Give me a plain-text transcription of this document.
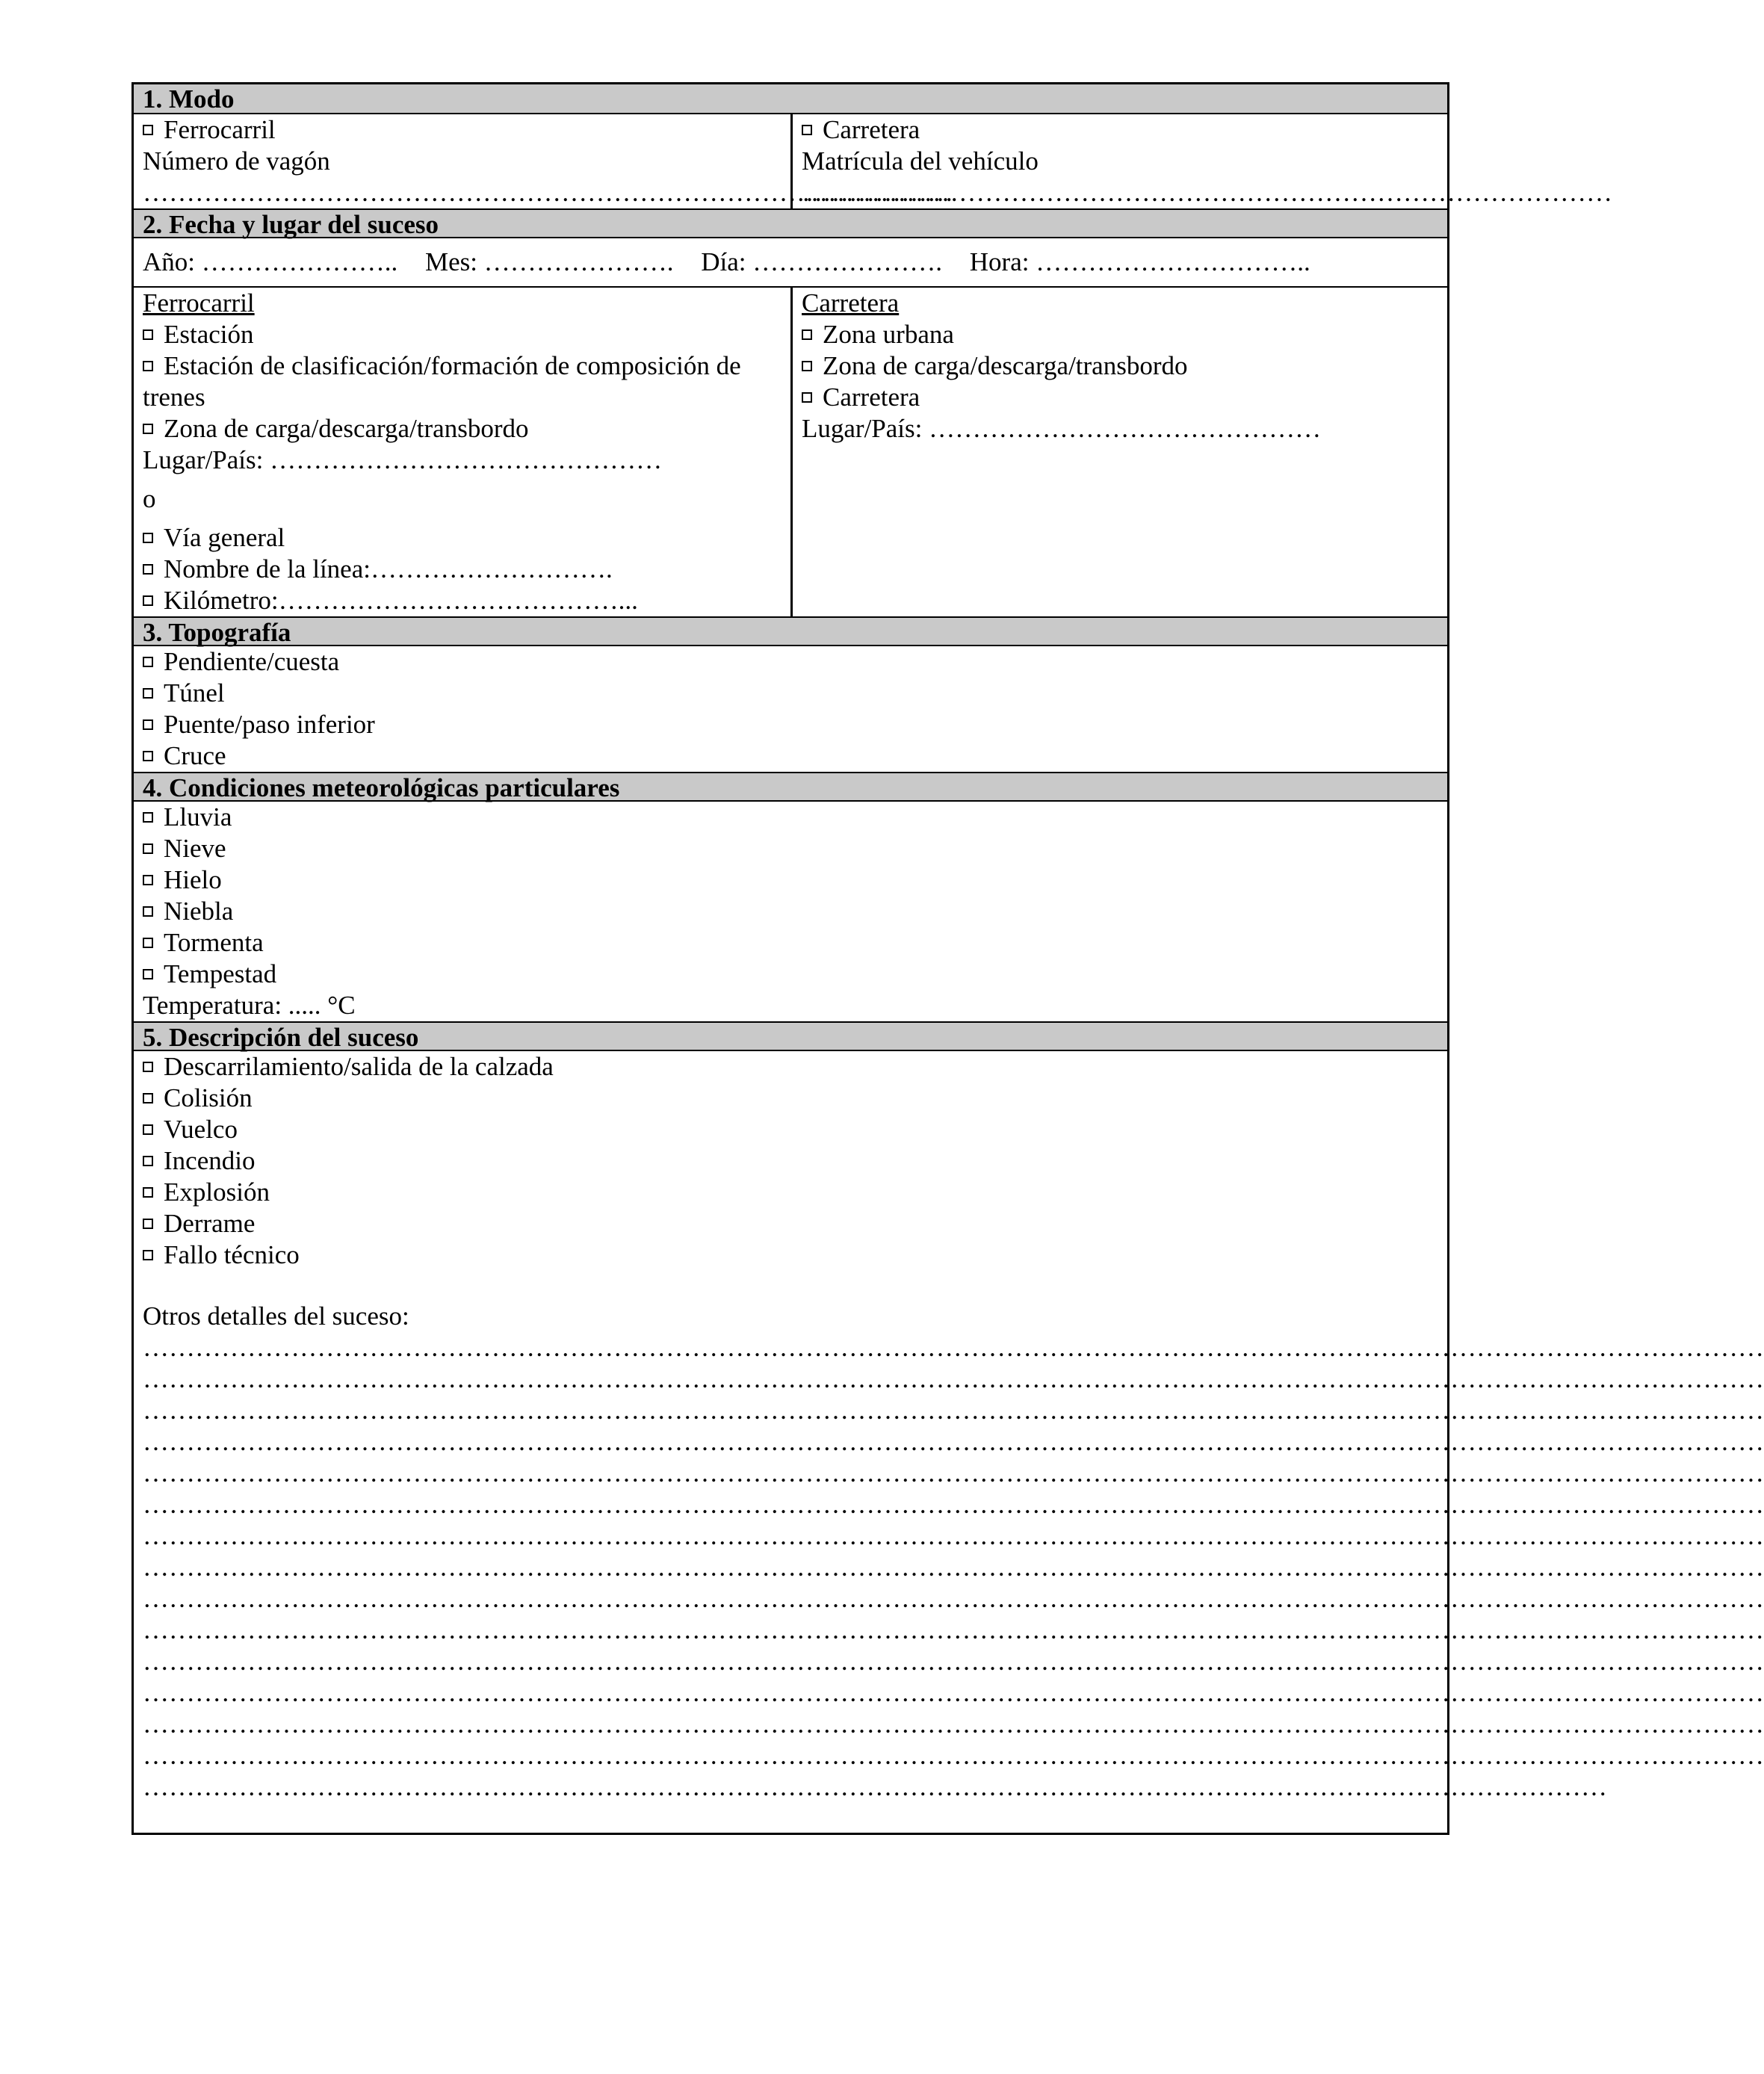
1. Modo
Ferrocarril
Número de vagón
…………………………………………………………………………………
Carretera
Matrícula del vehículo
…………………………………………………………………………………
2. Fecha y lugar del suceso
Año: ………………….. Mes: …………………. Día: …………………. Hora: …………………………..
Ferrocarril
Estación
Estación de clasificación/formación de composición de trenes
Zona de carga/descarga/transbordo
Lugar/País: ………………………………………
o
Vía general
Nombre de la línea:……………………….
Kilómetro:…………………………………...
Carretera
Zona urbana
Zona de carga/descarga/transbordo
Carretera
Lugar/País: ………………………………………
3. Topografía
Pendiente/cuesta
Túnel
Puente/paso inferior
Cruce
4. Condiciones meteorológicas particulares
Lluvia
Nieve
Hielo
Niebla
Tormenta
Tempestad
Temperatura: ..... °C
5. Descripción del suceso
Descarrilamiento/salida de la calzada
Colisión
Vuelco
Incendio
Explosión
Derrame
Fallo técnico
Otros detalles del suceso:
……………………………………………………………………………………………………………………………………………………………………
……………………………………………………………………………………………………………………………………………………………………
……………………………………………………………………………………………………………………………………………………………………
……………………………………………………………………………………………………………………………………………………………………
……………………………………………………………………………………………………………………………………………………………………
……………………………………………………………………………………………………………………………………………………………………
……………………………………………………………………………………………………………………………………………………………………
……………………………………………………………………………………………………………………………………………………………………
……………………………………………………………………………………………………………………………………………………………………
……………………………………………………………………………………………………………………………………………………………………
……………………………………………………………………………………………………………………………………………………………………
……………………………………………………………………………………………………………………………………………………………………
……………………………………………………………………………………………………………………………………………………………………
……………………………………………………………………………………………………………………………………………………………………
……………………………………………………………………………………………………………………………………………………
